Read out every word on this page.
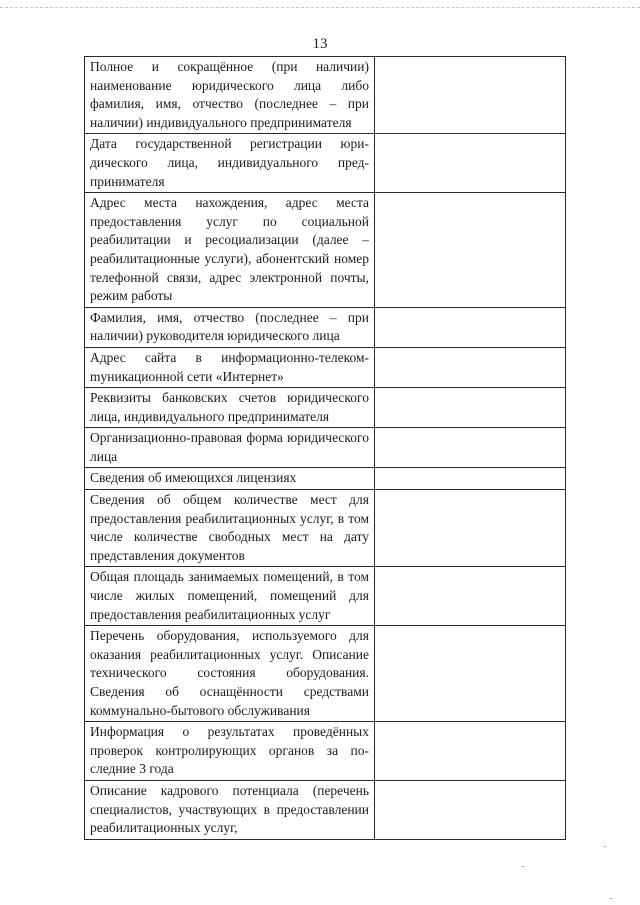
13
Полное и сокращённое (при наличии) наименование юридического лица либо фамилия, имя, отчество (последнее – при наличии) индивидуального предпринимателя	
Дата государственной регистрации юридического лица, индивидуального предпринимателя	
Адрес места нахождения, адрес места предоставления услуг по социальной реабилитации и ресоциализации (далее – реабилитационные услуги), абонентский номер телефонной связи, адрес электронной почты, режим работы	
Фамилия, имя, отчество (последнее – при наличии) руководителя юридического лица	
Адрес сайта в информационно-телекомmуникационной сети «Интернет»	
Реквизиты банковских счетов юридического лица, индивидуального предпринимателя	
Организационно-правовая форма юридического лица	
Сведения об имеющихся лицензиях	
Сведения об общем количестве мест для предоставления реабилитационных услуг, в том числе количестве свободных мест на дату представления документов	
Общая площадь занимаемых помещений, в том числе жилых помещений, помещений для предоставления реабилитационных услуг	
Перечень оборудования, используемого для оказания реабилитационных услуг. Описание технического состояния оборудования. Сведения об оснащённости средствами коммунально-бытового обслуживания	
Информация о результатах проведённых проверок контролирующих органов за последние 3 года	
Описание кадрового потенциала (перечень специалистов, участвующих в предоставлении реабилитационных услуг,	
